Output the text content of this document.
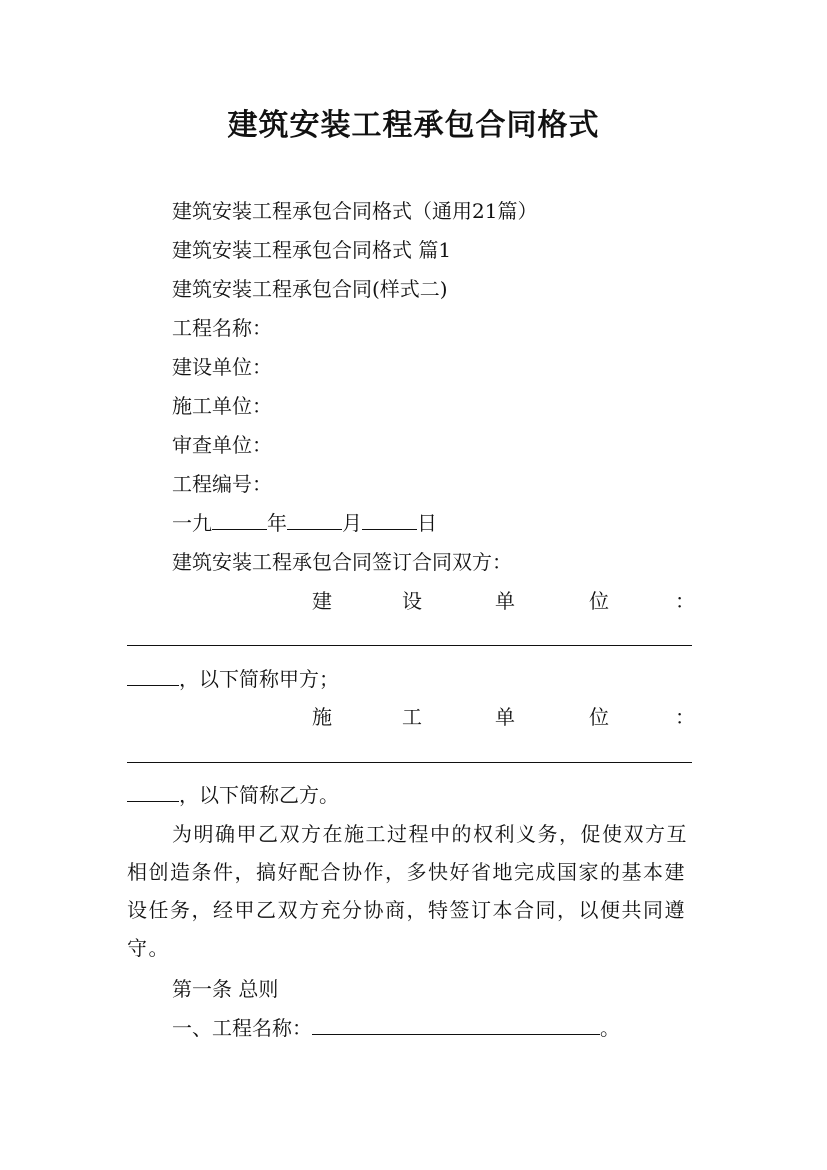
建筑安装工程承包合同格式
建筑安装工程承包合同格式（通用21篇）
建筑安装工程承包合同格式 篇1
建筑安装工程承包合同(样式二)
工程名称：
建设单位：
施工单位：
审查单位：
工程编号：
一九	年	月	日
建筑安装工程承包合同签订合同双方：
建	设	单	位	：
，以下简称甲方；
施	工	单	位	：
，以下简称乙方。
为明确甲乙双方在施工过程中的权利义务，促使双方互相创造条件，搞好配合协作，多快好省地完成国家的基本建设任务，经甲乙双方充分协商，特签订本合同，以便共同遵守。
第一条 总则
一、工程名称：	。
